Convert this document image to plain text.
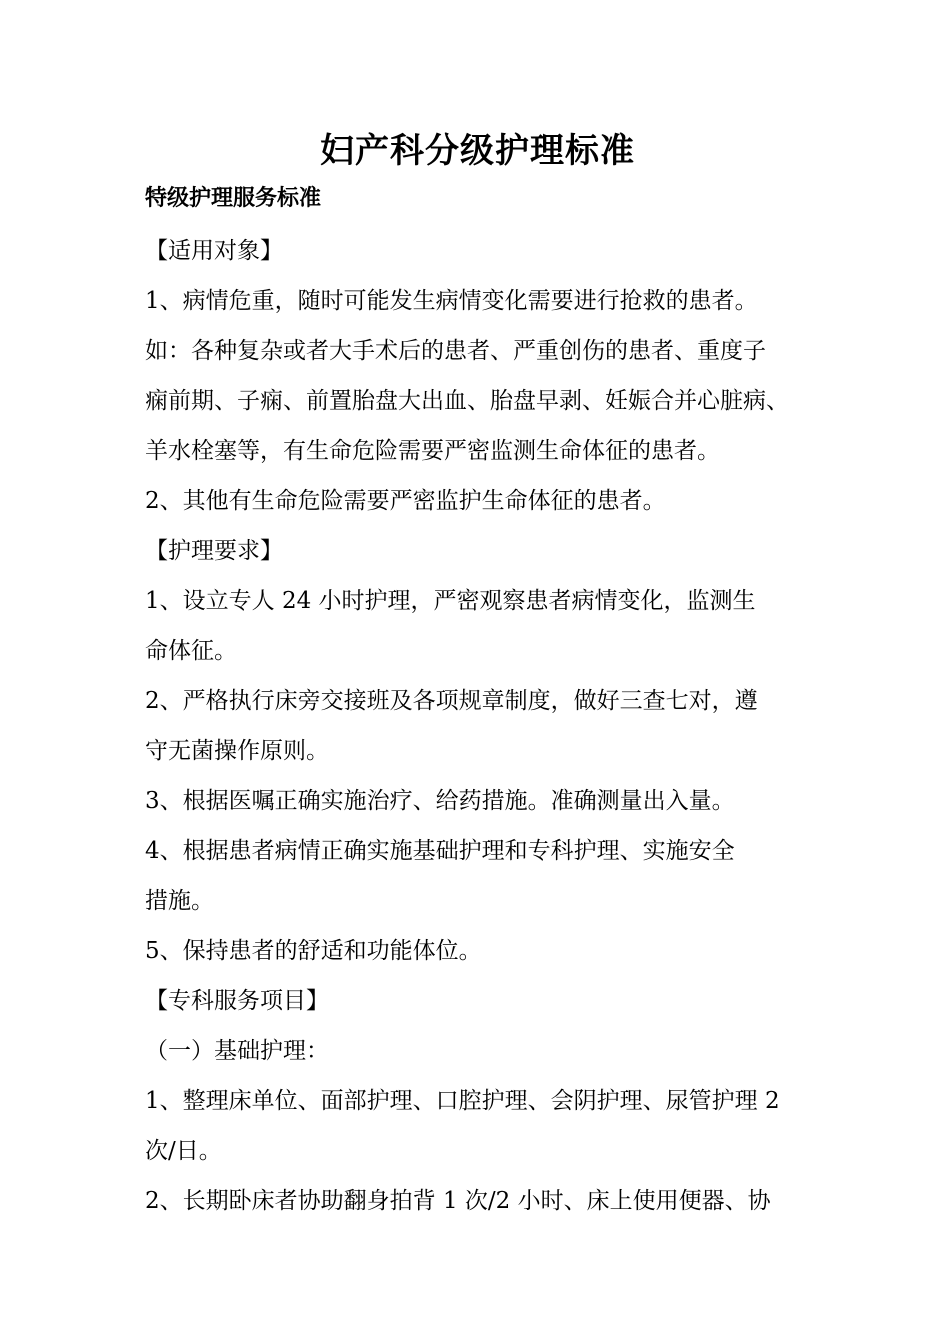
妇产科分级护理标准
特级护理服务标准
【适用对象】
1、病情危重，随时可能发生病情变化需要进行抢救的患者。
如：各种复杂或者大手术后的患者、严重创伤的患者、重度子
痫前期、子痫、前置胎盘大出血、胎盘早剥、妊娠合并心脏病、
羊水栓塞等，有生命危险需要严密监测生命体征的患者。
2、其他有生命危险需要严密监护生命体征的患者。
【护理要求】
1、设立专人 24 小时护理，严密观察患者病情变化，监测生
命体征。
2、严格执行床旁交接班及各项规章制度，做好三查七对，遵
守无菌操作原则。
3、根据医嘱正确实施治疗、给药措施。准确测量出入量。
4、根据患者病情正确实施基础护理和专科护理、实施安全
措施。
5、保持患者的舒适和功能体位。
【专科服务项目】
（一）基础护理：
1、整理床单位、面部护理、口腔护理、会阴护理、尿管护理 2
次/日。
2、长期卧床者协助翻身拍背 1 次/2 小时、床上使用便器、协
